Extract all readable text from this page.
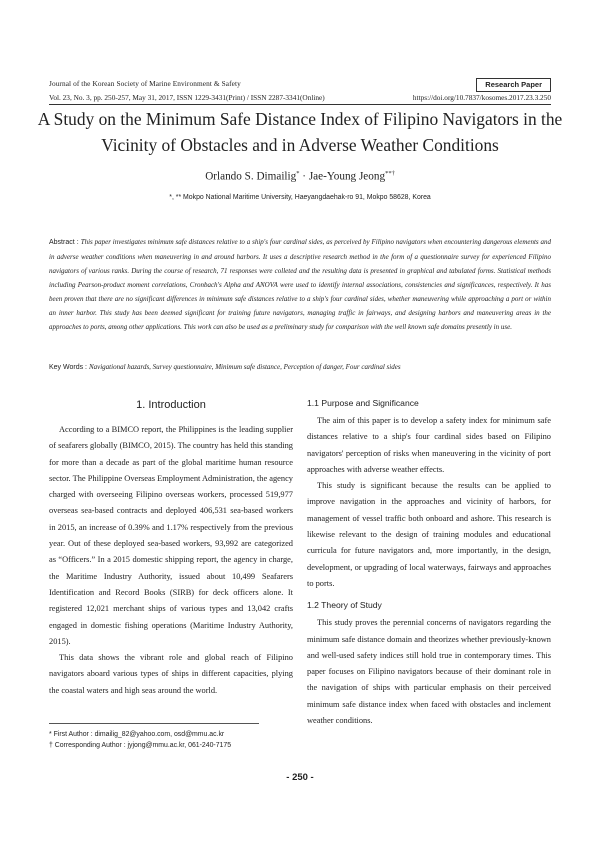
Journal of the Korean Society of Marine Environment & Safety	Research Paper
Vol. 23, No. 3, pp. 250-257, May 31, 2017, ISSN 1229-3431(Print) / ISSN 2287-3341(Online)	https://doi.org/10.7837/kosomes.2017.23.3.250
A Study on the Minimum Safe Distance Index of Filipino Navigators in the Vicinity of Obstacles and in Adverse Weather Conditions
Orlando S. Dimailig* · Jae-Young Jeong**†
*, ** Mokpo National Maritime University, Haeyangdaehak-ro 91, Mokpo 58628, Korea
Abstract : This paper investigates minimum safe distances relative to a ship's four cardinal sides, as perceived by Filipino navigators when encountering dangerous elements and in adverse weather conditions when maneuvering in and around harbors. It uses a descriptive research method in the form of a questionnaire survey for experienced Filipino navigators of various ranks. During the course of research, 71 responses were colleted and the resulting data is presented in graphical and tabulated forms. Statistical methods including Pearson-product moment correlations, Cronbach's Alpha and ANOVA were used to identify internal associations, consistencies and significances, respectively. It has been proven that there are no significant differences in minimum safe distances relative to a ship's four cardinal sides, whether maneuvering while approaching a port or within an inner harbor. This study has been deemed significant for training future navigators, managing traffic in fairways, and designing harbors and maneuvering areas in the approaches to ports, among other applications. This work can also be used as a preliminary study for comparison with the well known safe domains presently in use.
Key Words : Navigational hazards, Survey questionnaire, Minimum safe distance, Perception of danger, Four cardinal sides
1. Introduction

According to a BIMCO report, the Philippines is the leading supplier of seafarers globally (BIMCO, 2015). The country has held this standing for more than a decade as part of the global maritime human resource sector. The Philippine Overseas Employment Administration, the agency charged with overseeing Filipino overseas workers, processed 519,977 overseas sea-based contracts and deployed 406,531 sea-based workers in 2015, an increase of 0.39% and 1.17% respectively from the previous year. Out of these deployed sea-based workers, 93,992 are categorized as “Officers.” In a 2015 domestic shipping report, the agency in charge, the Maritime Industry Authority, issued about 10,499 Seafarers Identification and Record Books (SIRB) for deck officers alone. It registered 12,021 merchant ships of various types and 13,042 crafts engaged in domestic fishing operations (Maritime Industry Authority, 2015).

This data shows the vibrant role and global reach of Filipino navigators aboard various types of ships in different capacities, plying the coastal waters and high seas around the world.

1.1 Purpose and Significance

The aim of this paper is to develop a safety index for minimum safe distances relative to a ship's four cardinal sides based on Filipino navigators' perception of risks when maneuvering in the vicinity of port approaches with adverse weather effects.

This study is significant because the results can be applied to improve navigation in the approaches and vicinity of harbors, for management of vessel traffic both onboard and ashore. This research is likewise relevant to the design of training modules and educational curricula for future navigators and, more importantly, in the design, development, or upgrading of local waterways, fairways and approaches to ports.

1.2 Theory of Study

This study proves the perennial concerns of navigators regarding the minimum safe distance domain and theorizes whether previously-known and well-used safety indices still hold true in contemporary times. This paper focuses on Filipino navigators because of their dominant role in the navigation of ships with particular emphasis on their perceived minimum safe distance index when faced with obstacles and inclement weather conditions.

* First Author : dimailig_82@yahoo.com, osd@mmu.ac.kr
† Corresponding Author : jyjong@mmu.ac.kr, 061-240-7175
- 250 -
